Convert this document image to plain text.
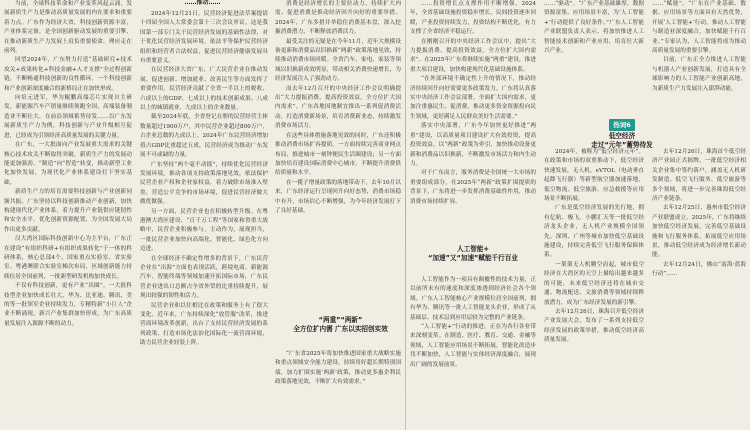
……推动……

当前，全球科技革命和产业变革风起云涌，发展新质生产力是推动高质量发展的内在要求和重要着力点。广东作为经济大省，科技创新资源丰富，产业体系完备，是全国创新驱动发展的重要引擎，在推动新质生产力发展上肩负重要使命，理应走在前列。

回望2024年，广东努力打造“基础研究+技术攻关+成果转化+科技金融+人才支撑”全过程创新链，不断畅通科技创新的良性循环，一个科技创新和产业创新深度融合的新格局正在加快形成。

向培元进军，华为鲲鹏高端芯片实现自主研发，新能源汽车产销量继续领跑全国，高端装备制造业不断壮大，在前沿领域蓄势待发……以广东发展新质生产力为例，科技创新与产业升级相互促进，已经成为引领经济高质量发展的关键力量。

在广东，一大批面向产业发展重大需求的关键核心技术攻关不断取得突破，新质生产力的发展动能更加强劲。“制造”向“智造”转变，推动新型工业化加快发展，为现代化产业体系建设打下坚实基础。

新质生产力的培育需要科技创新与产业创新同频共振。广东坚持以科技创新推动产业创新，加快构建现代化产业体系，着力提升产业链供应链韧性和安全水平，优化创新资源配置，为全国发展大局作出更多贡献。

汉大湾区国际科技创新中心为主平台，广东正在建设“有组织科研+有组织成果转化”于一体的科研体系，核心总部4个，国家重点实验室、省实验室、粤港澳联合实验室梯次布局，区域创新能力持续位居全国前列，一批新型研发机构加快成长。

不仅有科技创新，更有产业“出圈”。一大批科技型企业加快成长壮大，华为、比亚迪、腾讯、美的等一批领军企业持续发力，专精特新“小巨人”企业不断涌现，新兴产业集群加快形成，为广东高质量发展注入源源不断的动力。

2024年12月21日，民营经济促进法草案提请十四届全国人大常委会第十三次会议审议。这是我国第一部专门关于民营经济发展的基础性法律，对于优化民营经济发展环境，依法平等保护民营经济组织和经营者合法权益，促进民营经济健康发展具有重要意义。

在民营经济大省广东，广大民营企业在推动发展、促进创新、增加就业、改善民生等方面发挥了重要作用。民营经济贡献了全省一半以上的税收、六成以上的GDP、七成以上的技术创新成果、八成以上的城镇就业、九成以上的企业数量。

截至2024年底，全省登记在册的民营经营主体数量超过1900万户，其中民营企业超过800万户，占企业总数的九成以上。2024年广东民营经济增加值占GDP比重超过五成，民营经济成为推动广东发展不可或缺的力量。

广东坚持“两个毫不动摇”，持续优化民营经济发展环境，推动各项支持政策落地见效，依法保护民营企业产权和企业家权益，着力破除市场准入壁垒，营造公平竞争的市场环境，促进民营经济做大做优做强。

另一方面，民营企业也在积极转型升级。在粤港澳大湾区建设、“百千万工程”等国家和省重大战略中，民营企业积极参与，主动作为，展现担当，一批民营企业加快向高端化、智能化、绿色化方向迈进。

在全球经济不确定性增多的背景下，广东民营企业在“出海”方面也表现活跃，跨境电商、新能源汽车、智能终端等领域加速开拓国际市场，广东民营企业进出口总额占全省外贸的比重持续提升，展现出较强的韧性和活力。

民营企业和以往相比在政策和服务上有了很大变化。近年来，广东持续深化“放管服”改革，推进营商环境改革创新，出台了支持民营经济发展的系列政策，打造市场化法治化国际化一流营商环境，助力民营企业轻装上阵。

消费是经济增长的主要拉动力。持续扩大内需、促进消费是推动经济回升向好的重要举措。2024年，广东多措并举稳住消费基本盘，深入挖掘消费潜力，不断释放消费活力。

最受关注的无疑是在今年11月，近年大规模设备更新和消费品以旧换新“两新”政策落地见效，持续推动消费市场回暖。全省汽车、家电、家装等领域以旧换新成效明显，带动相关消费快速增长，为经济发展注入了强劲动力。

而去年12月召开的中央经济工作会议明确提出“大力提振消费、提高投资效益，全方位扩大国内需求”。广东各地因地制宜推出一系列促消费活动，打造消费新场景，培育消费新业态，持续激发消费市场活力。

在这些具体措施落地见效的同时，广东还积极推动消费市场扩容提质。一方面持续完善商业网点布局，推进城市一刻钟便民生活圈建设；另一方面加快培育建设国际消费中心城市，不断提升消费供给质量和水平。

在一揽子增量政策的落地带动下，去年10月以来，广东经济运行呈现回升向好态势，消费市场稳中有升，市场信心不断增强，为今年经济发展打下了良好基础。

“两重”“两新”
全方位扩内需 广东以实招创实效

“广东省2025年将加快推进国家重大战略实施和重点领域安全能力建设，持续用好超长期特别国债，加力扩围实施‘两新’政策，推动更多惠企利民政策落地见效，不断扩大有效需求。”

……投资增长点支撑作用不断增强。2024年，全省基础设施投资稳步增长，民间投资逐步回暖，产业投资持续发力，投资结构不断优化，有力支撑了全省经济平稳运行。

在刚刚召开的中央经济工作会议中，提出“大力提振消费、提高投资效益，全方位扩大国内需求”。在2025年广东将继续实施“两重”建设，推进重大项目建设，加快构建现代化基础设施体系。

“在外部环境不确定性上升的情况下，推动经济持续回升向好需要更多政策发力，广东将认真落实中央经济工作会议部署，全面扩大国内需求，更加注重惠民生、促消费，推动更多资金资源投向民生领域，更好满足人民群众美好生活需要。”

落实中央部署，广东今年加快更好推进“两重”建设，以高质量项目建设扩大有效投资，提高投资效益。以“两新”政策为牵引，加快推动设备更新和消费品以旧换新，不断激发市场活力和内生动力。

对于广东而言，服务消费是全国统一大市场的重要组成部分，在2025年“两新”政策扩围提质的背景下，广东将进一步发挥消费基础性作用，推动消费市场持续扩容。

人工智能+
“加速”又“加速”赋能千行百业

人工智能作为一项具有颠覆性的技术力量，正以前所未有的速度和深度渗透到经济社会各个领域。广东人工智能核心产业规模位居全国前列，拥有华为、腾讯等一批人工智能龙头企业，形成了从基础层、技术层到应用层较为完整的产业链条。

“人工智能+”行动的推进，正在为各行各业带来深刻变革。在制造、医疗、教育、交通、金融等领域，人工智能应用场景不断拓展，智能化改造步伐不断加快，人工智能与实体经济深度融合，展现出广阔的发展前景。

……“驱动”。“广东产业基础雄厚，数据资源富集、应用场景丰富，为‘人工智能+’行动提供了良好条件。”广东人工智能产业联盟负责人表示，将加快推进人工智能技术创新和产业应用，培育壮大新兴产业。

热词6
低空经济
走过“元年”蓄势待发

2024年，被称为“低空经济元年”。在政策和市场的双重推动下，低空经济快速发展，无人机、eVTOL（电动垂直起降飞行器）等新型航空器加速落地，低空物流、低空旅游、应急救援等应用场景不断拓展。

广东是低空经济发展的先行地，拥有亿航、极飞、小鹏汇天等一批低空经济龙头企业，无人机产业规模全国领先。深圳、广州等城市加快低空基础设施建设，持续完善低空飞行服务保障体系。

一架架无人机腾空而起，城市低空经济在大湾区的天空上描绘出越来越多的可能，未来低空经济还将在城市交通、物流配送、文旅消费等领域持续释放潜力，成为广东经济发展的新引擎。

去年12月26日，珠海召开低空经济产业发展大会，发布了一系列支持低空经济发展的政策举措，推动低空经济高质量发展。

……“赋能”。“广东在产业基础、数据、应用场景等方面具有天然优势，开展‘人工智能+’行动，推动人工智能与制造业深度融合，加快赋能千行百业。”专家认为，人工智能将成为推动高质量发展的重要引擎。

目前，广东正全力推进人工智能与机器人产业创新发展，打造具有全球影响力的人工智能产业创新高地，为新质生产力发展注入澎湃动能。

去年12月26日，珠海首个低空经济产业园正式揭牌，一批低空经济相关企业集中签约落户，涵盖无人机研发制造、低空飞行服务、低空旅游等多个领域，将进一步完善珠海低空经济产业链条。

去年12月25日，惠州市低空经济产业联盟成立。2025年，广东将继续加快低空经济发展，完善低空基础设施和飞行服务体系，拓展低空应用场景，推动低空经济成为经济增长新动能。

去年12月24日，佛山“南海·蓝海行动”……
